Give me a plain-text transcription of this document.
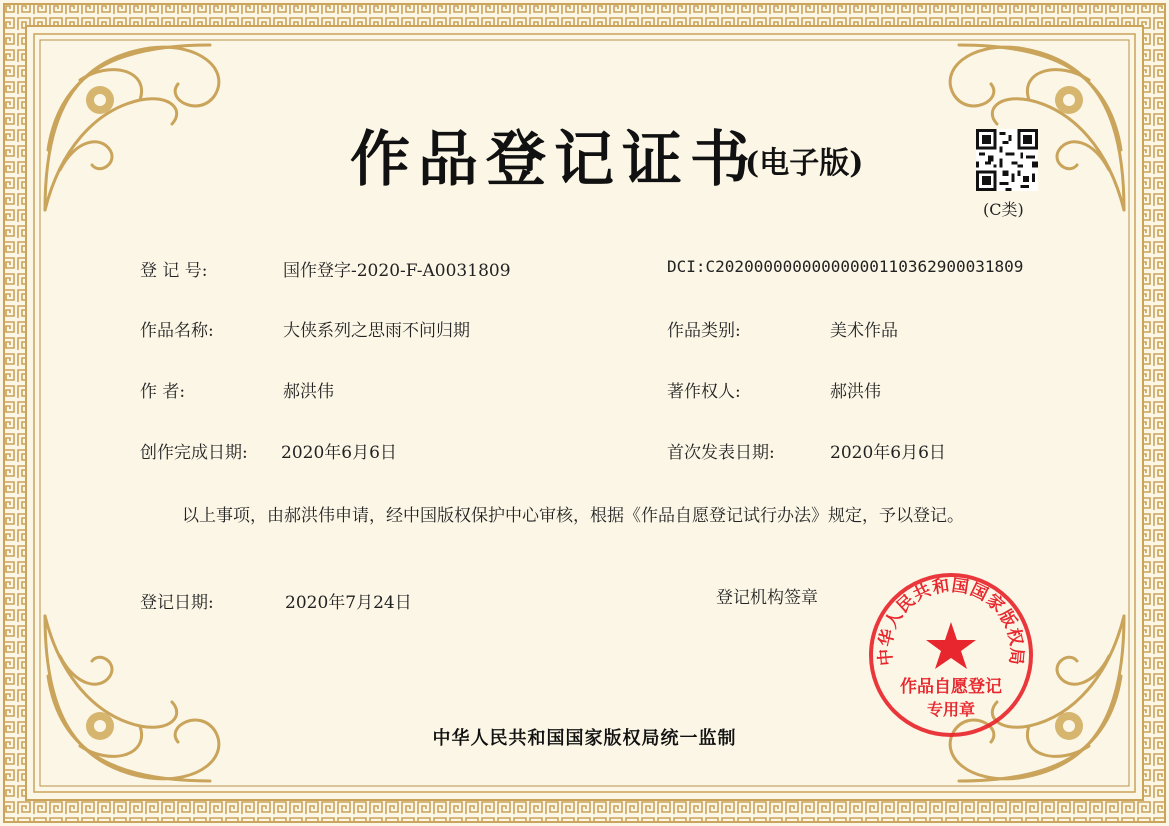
作品登记证书
(电子版)
(C类)
登 记 号:	国作登字-2020-F-A0031809	DCI:C20200000000000000110362900031809
作品名称:	大侠系列之思雨不问归期	作品类别:	美术作品
作 者:	郝洪伟	著作权人:	郝洪伟
创作完成日期: 2020年6月6日	首次发表日期:	2020年6月6日
以上事项，由郝洪伟申请，经中国版权保护中心审核，根据《作品自愿登记试行办法》规定，予以登记。
登记日期:	2020年7月24日	登记机构签章
中华人民共和国国家版权局
作品自愿登记
专用章
中华人民共和国国家版权局统一监制
